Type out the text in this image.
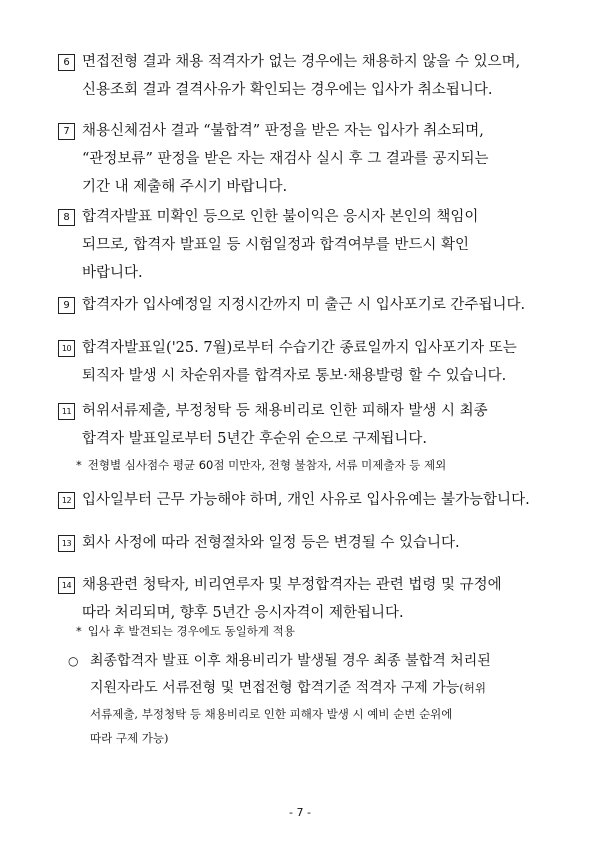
6 면접전형 결과 채용 적격자가 없는 경우에는 채용하지 않을 수 있으며,
신용조회 결과 결격사유가 확인되는 경우에는 입사가 취소됩니다.
7 채용신체검사 결과 “불합격” 판정을 받은 자는 입사가 취소되며,
“관정보류” 판정을 받은 자는 재검사 실시 후 그 결과를 공지되는
기간 내 제출해 주시기 바랍니다.
8 합격자발표 미확인 등으로 인한 불이익은 응시자 본인의 책임이
되므로, 합격자 발표일 등 시험일정과 합격여부를 반드시 확인
바랍니다.
9 합격자가 입사예정일 지정시간까지 미 출근 시 입사포기로 간주됩니다.
10 합격자발표일('25. 7월)로부터 수습기간 종료일까지 입사포기자 또는
퇴직자 발생 시 차순위자를 합격자로 통보·채용발령 할 수 있습니다.
11 허위서류제출, 부정청탁 등 채용비리로 인한 피해자 발생 시 최종
합격자 발표일로부터 5년간 후순위 순으로 구제됩니다.
* 전형별 심사점수 평균 60점 미만자, 전형 불참자, 서류 미제출자 등 제외
12 입사일부터 근무 가능해야 하며, 개인 사유로 입사유예는 불가능합니다.
13 회사 사정에 따라 전형절차와 일정 등은 변경될 수 있습니다.
14 채용관련 청탁자, 비리연루자 및 부정합격자는 관련 법령 및 규정에
따라 처리되며, 향후 5년간 응시자격이 제한됩니다.
* 입사 후 발견되는 경우에도 동일하게 적용
○ 최종합격자 발표 이후 채용비리가 발생될 경우 최종 불합격 처리된
지원자라도 서류전형 및 면접전형 합격기준 적격자 구제 가능(허위
서류제출, 부정청탁 등 채용비리로 인한 피해자 발생 시 예비 순번 순위에
따라 구제 가능)
- 7 -
